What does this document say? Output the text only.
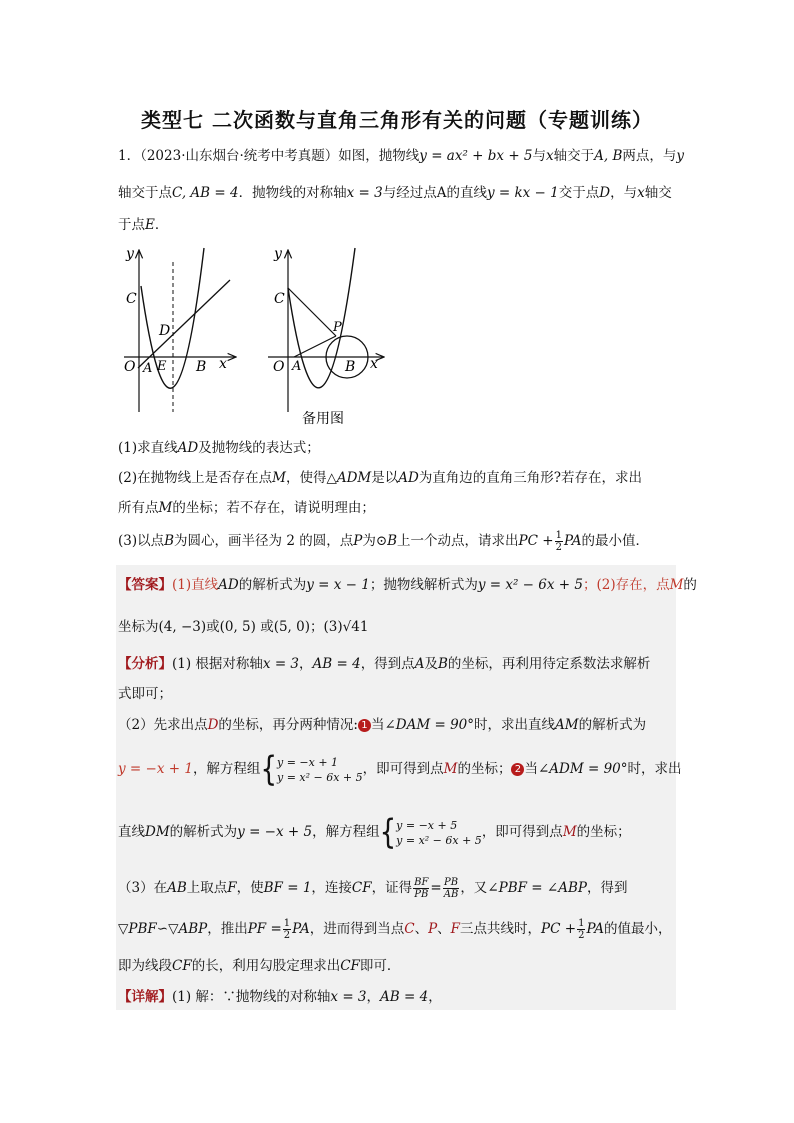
类型七 二次函数与直角三角形有关的问题（专题训练）
1．（2023·山东烟台·统考中考真题）如图，抛物线y = ax² + bx + 5与x轴交于A, B两点，与y
轴交于点C, AB = 4．抛物线的对称轴x = 3与经过点A的直线y = kx − 1交于点D，与x轴交
于点E．
y
C
D
O A E B x
y
C
P
O A	B x
备用图
(1)求直线AD及抛物线的表达式；
(2)在抛物线上是否存在点M，使得△ADM是以AD为直角边的直角三角形?若存在，求出
所有点M的坐标；若不存在，请说明理由；
(3)以点B为圆心，画半径为 2 的圆，点P为⊙B上一个动点，请求出PC + $\frac{1}{2}$ PA的最小值．
【答案】(1)直线AD的解析式为y = x − 1；抛物线解析式为y = x² − 6x + 5；(2)存在，点M的
坐标为(4, −3)或(0, 5) 或(5, 0)；(3)√41
【分析】(1) 根据对称轴x = 3，AB = 4，得到点A及B的坐标，再利用待定系数法求解析
式即可；
（2）先求出点D的坐标，再分两种情况: 1 当∠DAM = 90°时，求出直线AM的解析式为
y = −x + 1，解方程组{ y = −x + 1
y = x² − 6x + 5 ，即可得到点M的坐标； 2 当∠ADM = 90°时，求出
直线DM的解析式为y = −x + 5，解方程组{ y = −x + 5
y = x² − 6x + 5 ，即可得到点M的坐标；
（3）在AB上取点F，使BF = 1，连接CF，证得 $\frac{BF}{PB} = \frac{PB}{AB}$ ，又∠PBF = ∠ABP，得到
▽PBF∽▽ABP，推出PF = $\frac{1}{2}$ PA，进而得到当点C、P、F三点共线时，PC + $\frac{1}{2}$ PA的值最小，
即为线段CF的长，利用勾股定理求出CF即可．
【详解】(1) 解：∵抛物线的对称轴x = 3，AB = 4，
